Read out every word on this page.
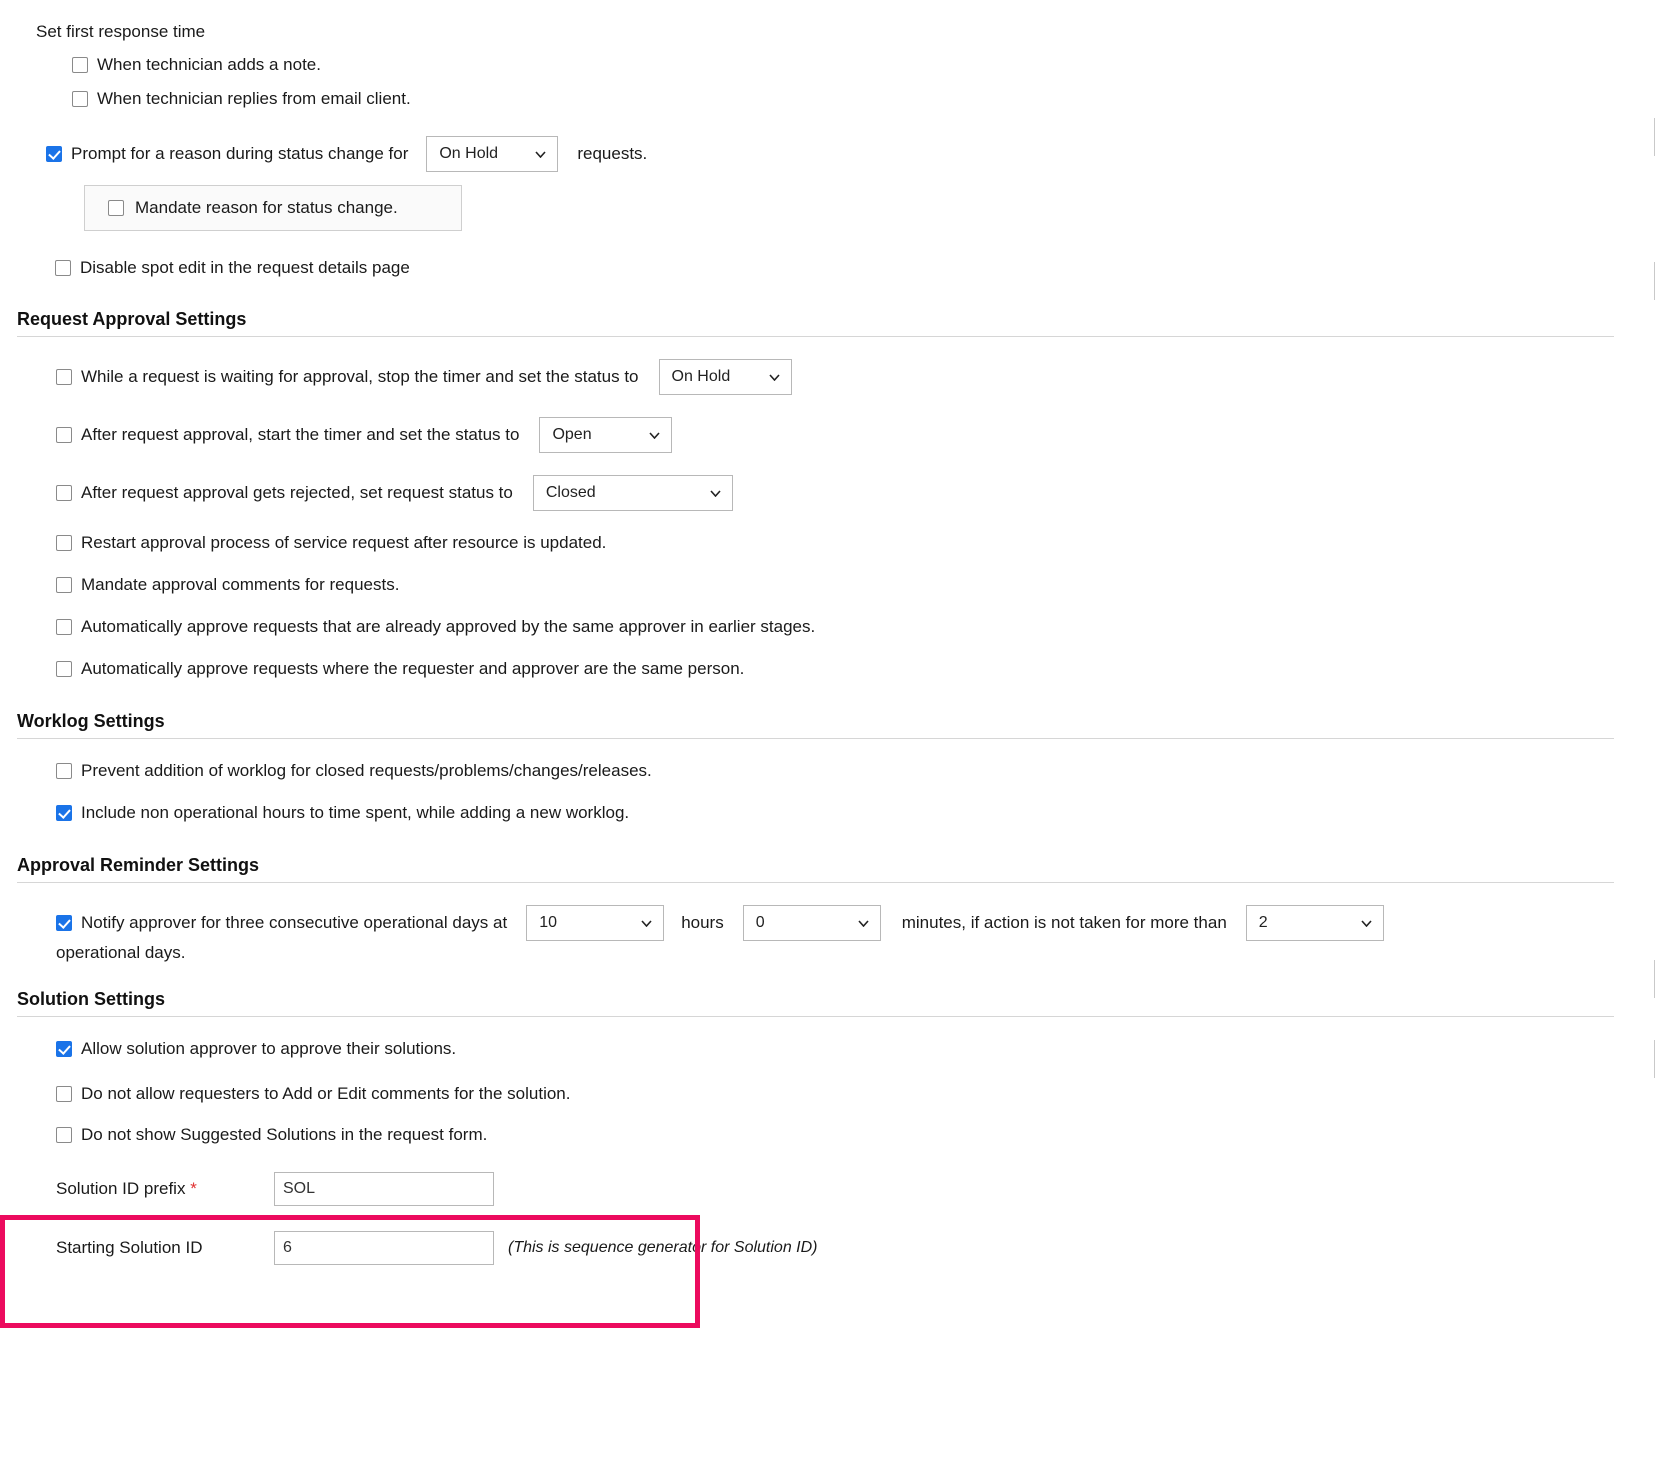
Set first response time
When technician adds a note.
When technician replies from email client.
Prompt for a reason during status change for On Hold	requests.
Mandate reason for status change.
Disable spot edit in the request details page
Request Approval Settings
While a request is waiting for approval, stop the timer and set the status to On Hold
After request approval, start the timer and set the status to Open
After request approval gets rejected, set request status to Closed
Restart approval process of service request after resource is updated.
Mandate approval comments for requests.
Automatically approve requests that are already approved by the same approver in earlier stages.
Automatically approve requests where the requester and approver are the same person.
Worklog Settings
Prevent addition of worklog for closed requests/problems/changes/releases.
Include non operational hours to time spent, while adding a new worklog.
Approval Reminder Settings
Notify approver for three consecutive operational days at 10	hours 0	minutes, if action is not taken for more than 2
operational days.
Solution Settings
Allow solution approver to approve their solutions.
Do not allow requesters to Add or Edit comments for the solution.
Do not show Suggested Solutions in the request form.
Solution ID prefix *
SOL
Starting Solution ID
6	(This is sequence generator for Solution ID)
